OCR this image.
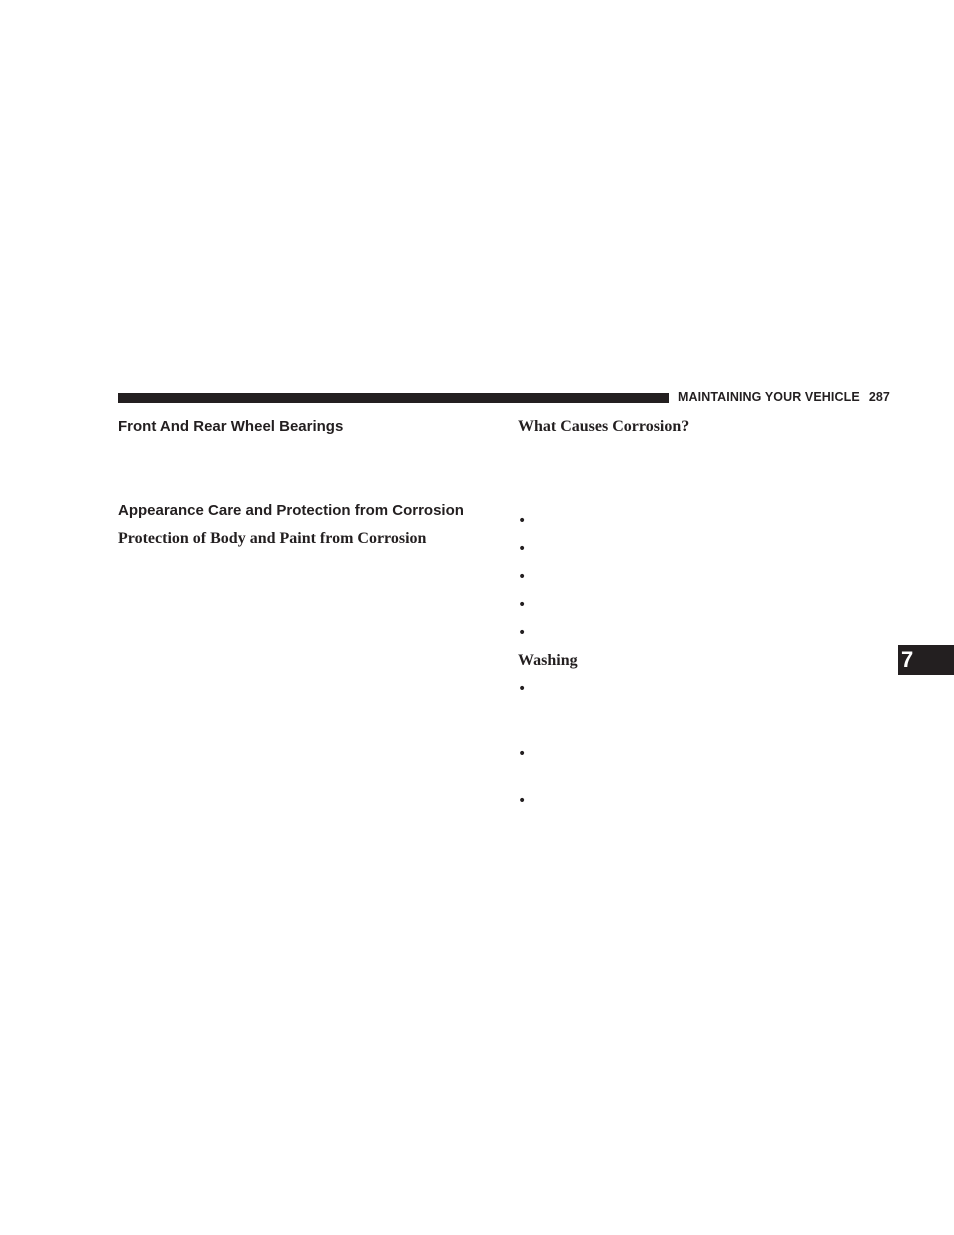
MAINTAINING YOUR VEHICLE 287
Front And Rear Wheel Bearings
Appearance Care and Protection from Corrosion
Protection of Body and Paint from Corrosion
What Causes Corrosion?
•
•
•
•
•
Washing
•
•
•
7
